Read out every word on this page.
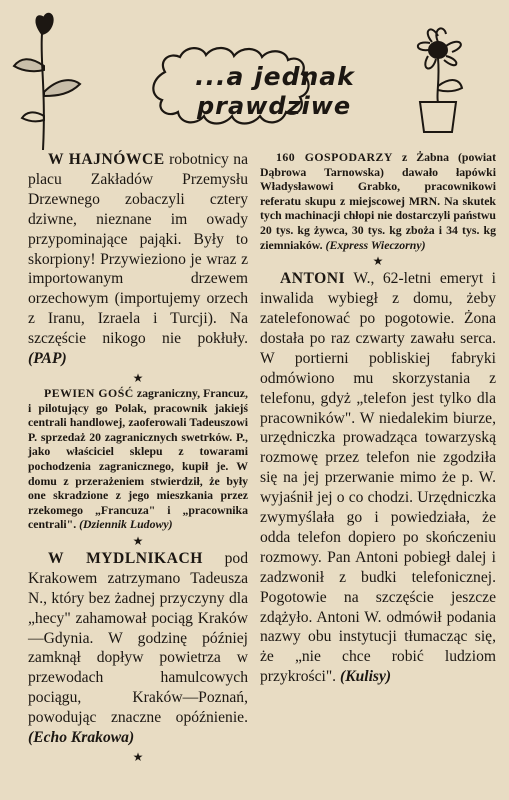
...a jednak
prawdziwe

W HAJNÓWCE robotnicy na placu Zakładów Przemysłu Drzewnego zobaczyli cztery dziwne, nieznane im owady przypominające pająki. Były to skorpiony! Przywieziono je wraz z importowanym drzewem orzechowym (importujemy orzech z Iranu, Izraela i Turcji). Na szczęście nikogo nie pokłuły. (PAP)

★

PEWIEN GOŚĆ zagraniczny, Francuz, i pilotujący go Polak, pracownik jakiejś centrali handlowej, zaoferowali Tadeuszowi P. sprzedaż 20 zagranicznych swetrków. P., jako właściciel sklepu z towarami pochodzenia zagranicznego, kupił je. W domu z przerażeniem stwierdził, że były one skradzione z jego mieszkania przez rzekomego „Francuza" i „pracownika centrali". (Dziennik Ludowy)

★

W MYDLNIKACH pod Krakowem zatrzymano Tadeusza N., który bez żadnej przyczyny dla „hecy" zahamował pociąg Kraków—Gdynia. W godzinę później zamknął dopływ powietrza w przewodach hamulcowych pociągu, Kraków—Poznań, powodując znaczne opóźnienie. (Echo Krakowa)

★

160 GOSPODARZY z Żabna (powiat Dąbrowa Tarnowska) dawało łapówki Władysławowi Grabko, pracownikowi referatu skupu z miejscowej MRN. Na skutek tych machinacji chłopi nie dostarczyli państwu 20 tys. kg żywca, 30 tys. kg zboża i 34 tys. kg ziemniaków. (Express Wieczorny)

★

ANTONI W., 62-letni emeryt i inwalida wybiegł z domu, żeby zatelefonować po pogotowie. Żona dostała po raz czwarty zawału serca. W portierni pobliskiej fabryki odmówiono mu skorzystania z telefonu, gdyż „telefon jest tylko dla pracowników". W niedalekim biurze, urzędniczka prowadząca towarzyską rozmowę przez telefon nie zgodziła się na jej przerwanie mimo że p. W. wyjaśnił jej o co chodzi. Urzędniczka zwymyślała go i powiedziała, że odda telefon dopiero po skończeniu rozmowy. Pan Antoni pobiegł dalej i zadzwonił z budki telefonicznej. Pogotowie na szczęście jeszcze zdążyło. Antoni W. odmówił podania nazwy obu instytucji tłumacząc się, że „nie chce robić ludziom przykrości". (Kulisy)
